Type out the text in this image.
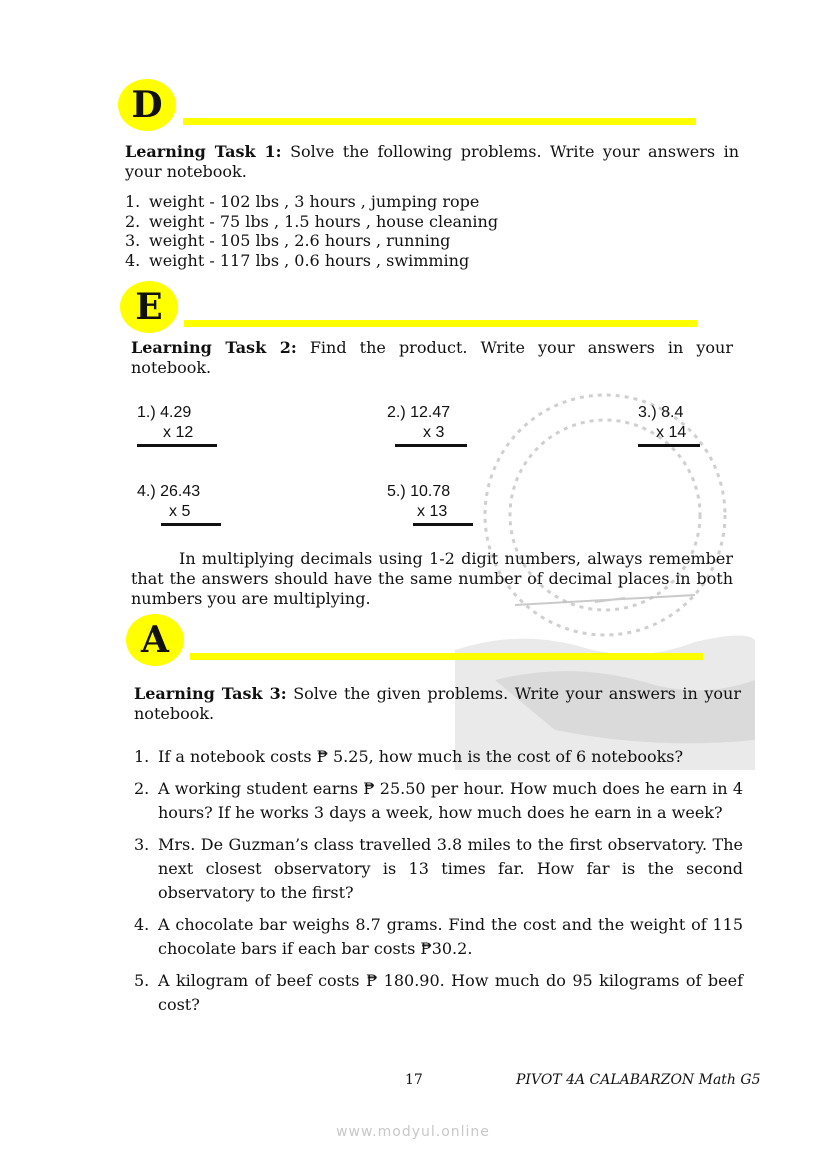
D

Learning Task 1: Solve the following problems. Write your answers in your notebook.

1. weight - 102 lbs , 3 hours , jumping rope
2. weight - 75 lbs , 1.5 hours , house cleaning
3. weight - 105 lbs , 2.6 hours , running
4. weight - 117 lbs , 0.6 hours , swimming
E

Learning Task 2: Find the product. Write your answers in your notebook.

1.) 4.29
x 12
2.) 12.47
x 3
3.) 8.4
x 14
4.) 26.43
x 5
5.) 10.78
x 13

In multiplying decimals using 1-2 digit numbers, always remember that the answers should have the same number of decimal places in both numbers you are multiplying.

A

Learning Task 3: Solve the given problems. Write your answers in your notebook.

1. If a notebook costs ₱ 5.25, how much is the cost of 6 notebooks?
2. A working student earns ₱ 25.50 per hour. How much does he earn in 4 hours? If he works 3 days a week, how much does he earn in a week?
3. Mrs. De Guzman’s class travelled 3.8 miles to the first observatory. The next closest observatory is 13 times far. How far is the second observatory to the first?
4. A chocolate bar weighs 8.7 grams. Find the cost and the weight of 115 chocolate bars if each bar costs ₱30.2.
5. A kilogram of beef costs ₱ 180.90. How much do 95 kilograms of beef cost?
17	PIVOT 4A CALABARZON Math G5
www.modyul.online
